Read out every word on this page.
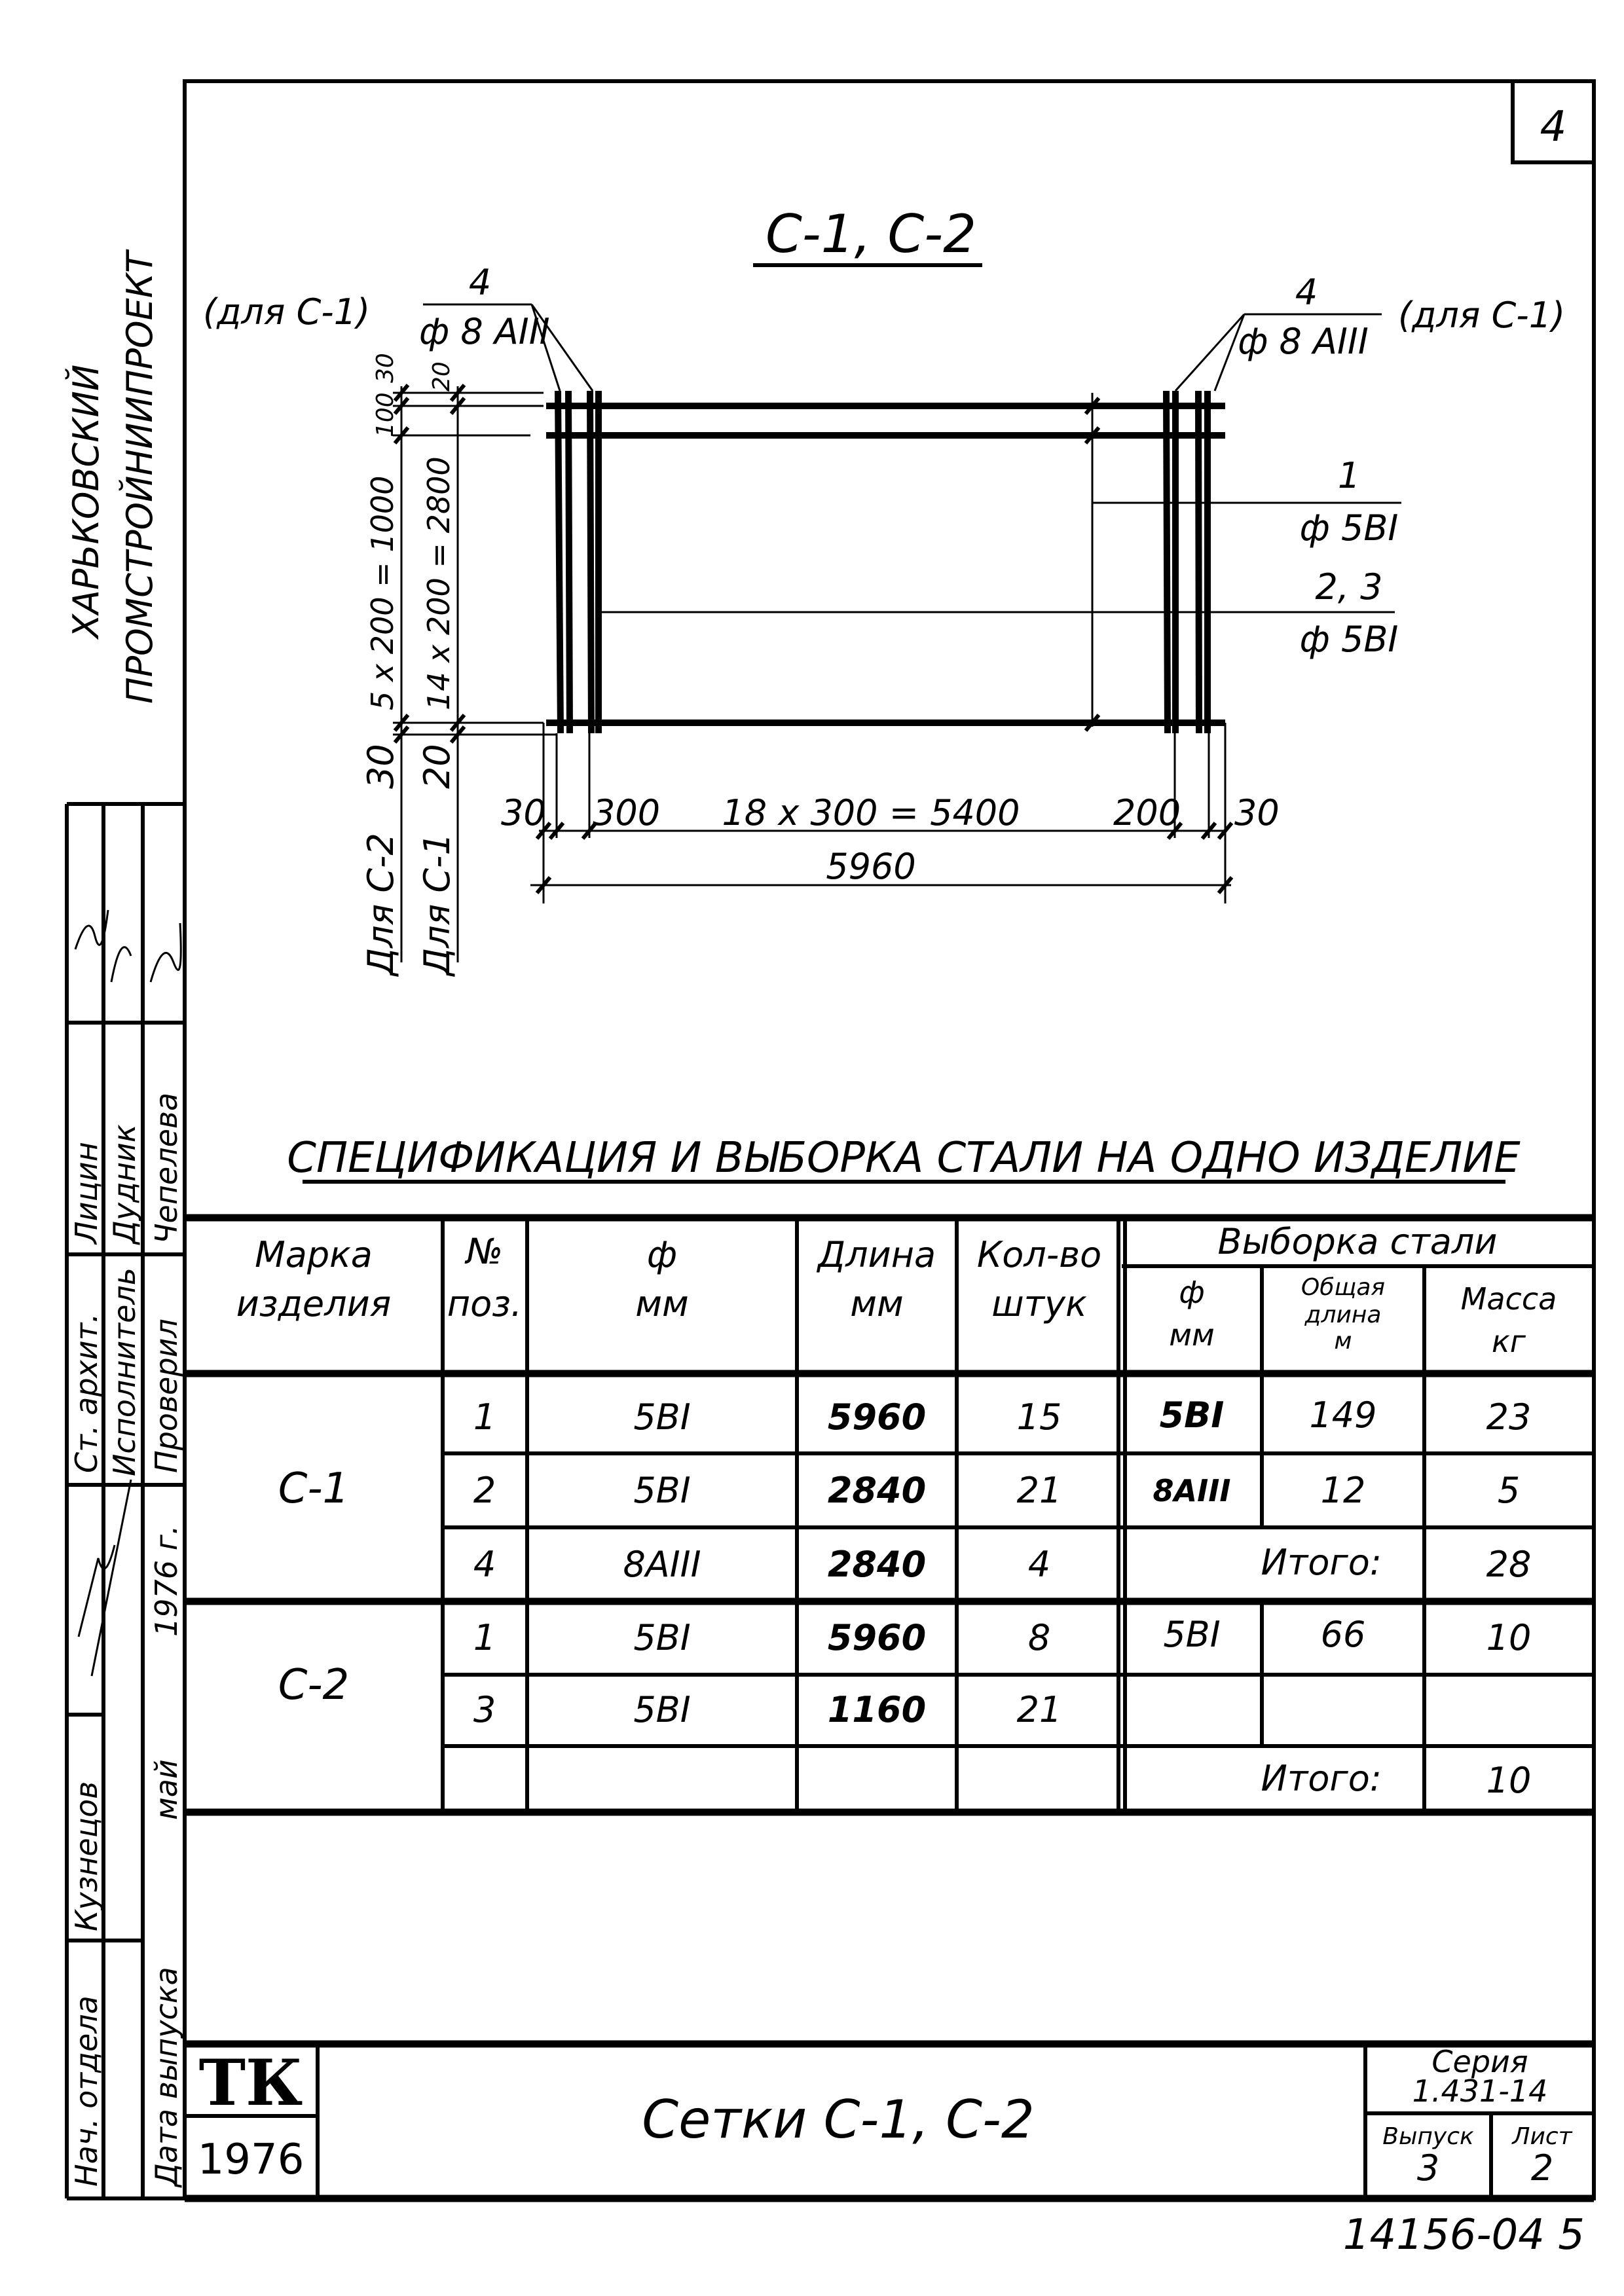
4
ХАРЬКОВСКИЙ ПРОМСТРОЙНИИПРОЕКТ
С-1, С-2
30
100
20
5 x 200 = 1000 14 x 200 = 2800
30 20
Для С-2 Для С-1
30 300 18 x 300 = 5400	200 30
5960
(для С-1)
4
ф 8 AIII
4
ф 8 AIII
(для С-1)
1
ф 5BI
2, 3
ф 5BI
СПЕЦИФИКАЦИЯ И ВЫБОРКА СТАЛИ НА ОДНО ИЗДЕЛИЕ
Марка
изделия
№
поз.
ф
мм
Длина
мм
Кол-во
штук
Выборка стали
ф
мм
Общая
длина
м
Масса
кг
С-1
1	5BI	5960	15	5BI 149	23
2	5BI	2840	21	8AIII	12	5
4	8AIII	2840	4	Итого:	28
С-2
1	5BI	5960	8	5BI	66	10
3	5BI	1160	21
Итого:	10
Лицин
Ст. архит.
Кузнецов
Нач. отдела
Дудник
Исполнитель
Чепелева
Проверил
1976 г.
май
Дата выпуска ТК
1976
Сетки С-1, С-2
Серия
1.431-14
Выпуск
3
Лист
2
14156-04 5
